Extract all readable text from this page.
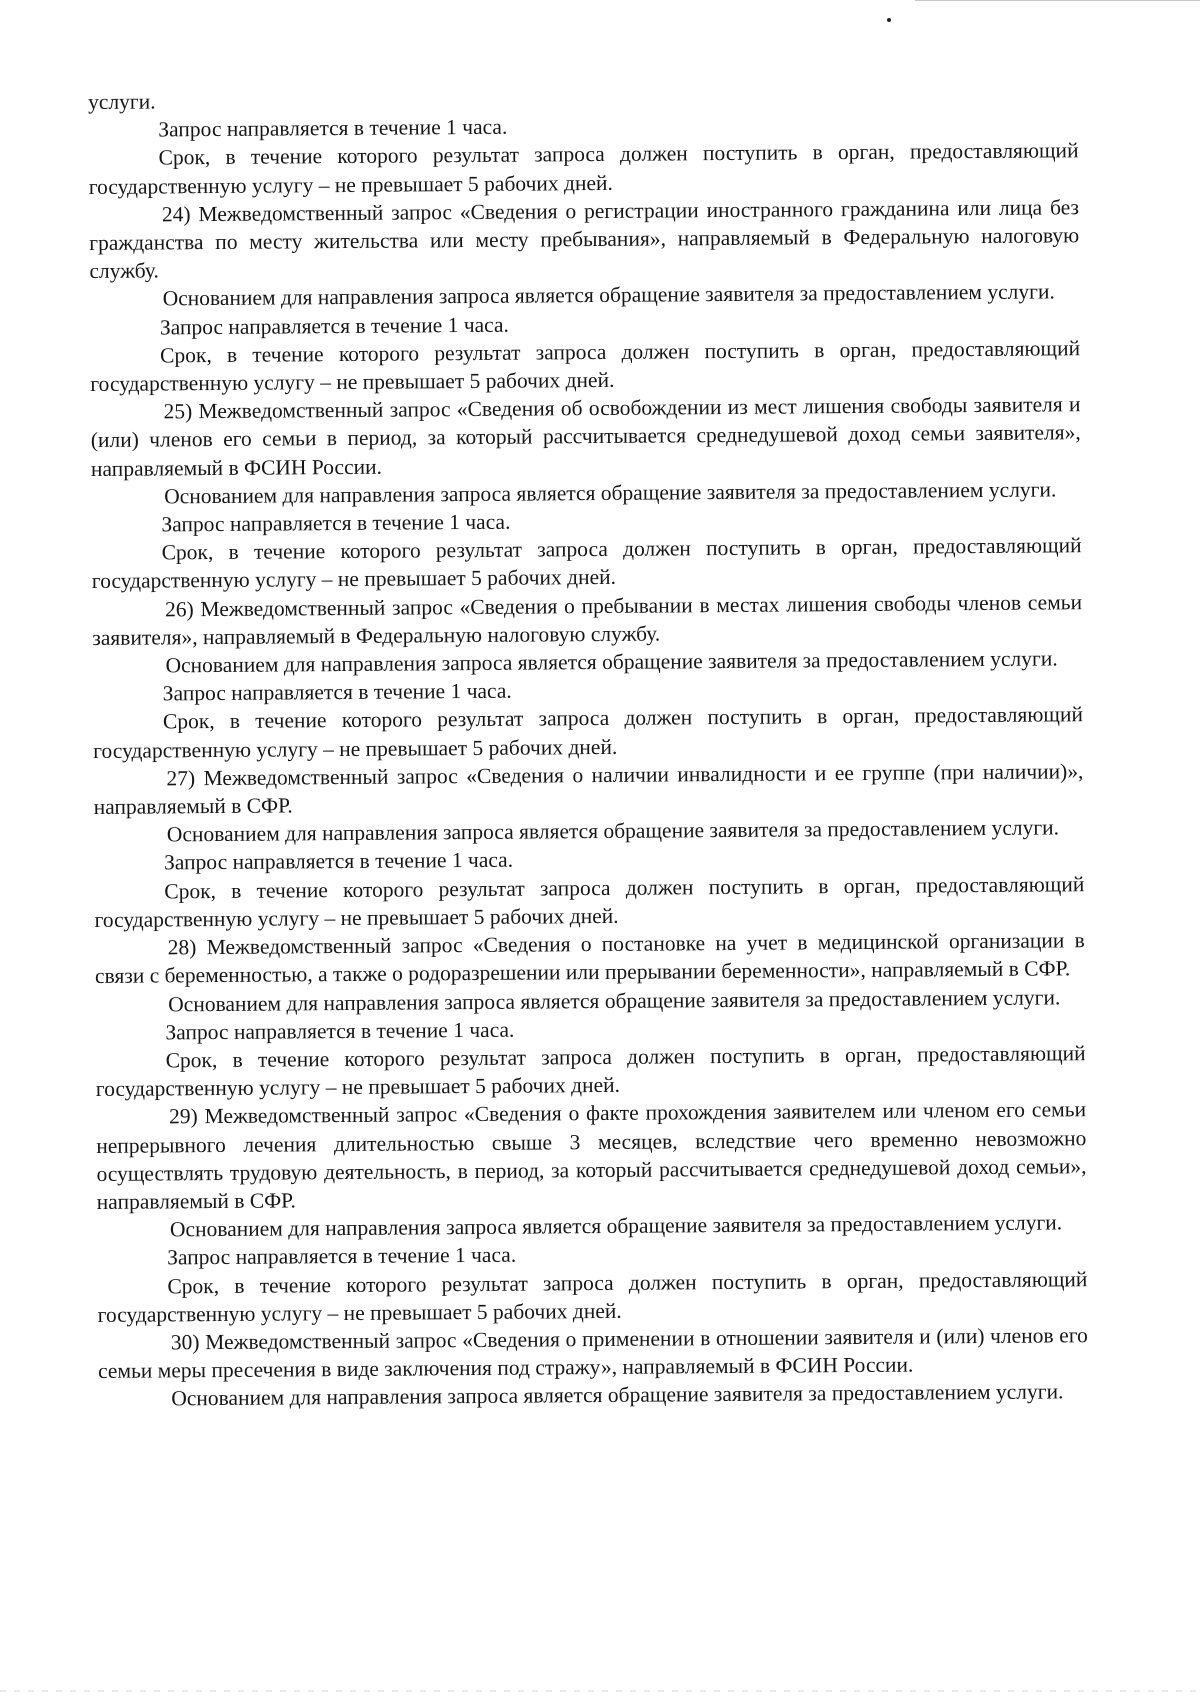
услуги.

Запрос направляется в течение 1 часа.

Срок, в течение которого результат запроса должен поступить в орган, предоставляющий государственную услугу – не превышает 5 рабочих дней.

24) Межведомственный запрос «Сведения о регистрации иностранного гражданина или лица без гражданства по месту жительства или месту пребывания», направляемый в Федеральную налоговую службу.

Основанием для направления запроса является обращение заявителя за предоставлением услуги.

Запрос направляется в течение 1 часа.

Срок, в течение которого результат запроса должен поступить в орган, предоставляющий государственную услугу – не превышает 5 рабочих дней.

25) Межведомственный запрос «Сведения об освобождении из мест лишения свободы заявителя и (или) членов его семьи в период, за который рассчитывается среднедушевой доход семьи заявителя», направляемый в ФСИН России.

Основанием для направления запроса является обращение заявителя за предоставлением услуги.

Запрос направляется в течение 1 часа.

Срок, в течение которого результат запроса должен поступить в орган, предоставляющий государственную услугу – не превышает 5 рабочих дней.

26) Межведомственный запрос «Сведения о пребывании в местах лишения свободы членов семьи заявителя», направляемый в Федеральную налоговую службу.

Основанием для направления запроса является обращение заявителя за предоставлением услуги.

Запрос направляется в течение 1 часа.

Срок, в течение которого результат запроса должен поступить в орган, предоставляющий государственную услугу – не превышает 5 рабочих дней.

27) Межведомственный запрос «Сведения о наличии инвалидности и ее группе (при наличии)», направляемый в СФР.

Основанием для направления запроса является обращение заявителя за предоставлением услуги.

Запрос направляется в течение 1 часа.

Срок, в течение которого результат запроса должен поступить в орган, предоставляющий государственную услугу – не превышает 5 рабочих дней.

28) Межведомственный запрос «Сведения о постановке на учет в медицинской организации в связи с беременностью, а также о родоразрешении или прерывании беременности», направляемый в СФР.

Основанием для направления запроса является обращение заявителя за предоставлением услуги.

Запрос направляется в течение 1 часа.

Срок, в течение которого результат запроса должен поступить в орган, предоставляющий государственную услугу – не превышает 5 рабочих дней.

29) Межведомственный запрос «Сведения о факте прохождения заявителем или членом его семьи непрерывного лечения длительностью свыше 3 месяцев, вследствие чего временно невозможно осуществлять трудовую деятельность, в период, за который рассчитывается среднедушевой доход семьи», направляемый в СФР.

Основанием для направления запроса является обращение заявителя за предоставлением услуги.

Запрос направляется в течение 1 часа.

Срок, в течение которого результат запроса должен поступить в орган, предоставляющий государственную услугу – не превышает 5 рабочих дней.

30) Межведомственный запрос «Сведения о применении в отношении заявителя и (или) членов его семьи меры пресечения в виде заключения под стражу», направляемый в ФСИН России.

Основанием для направления запроса является обращение заявителя за предоставлением услуги.
